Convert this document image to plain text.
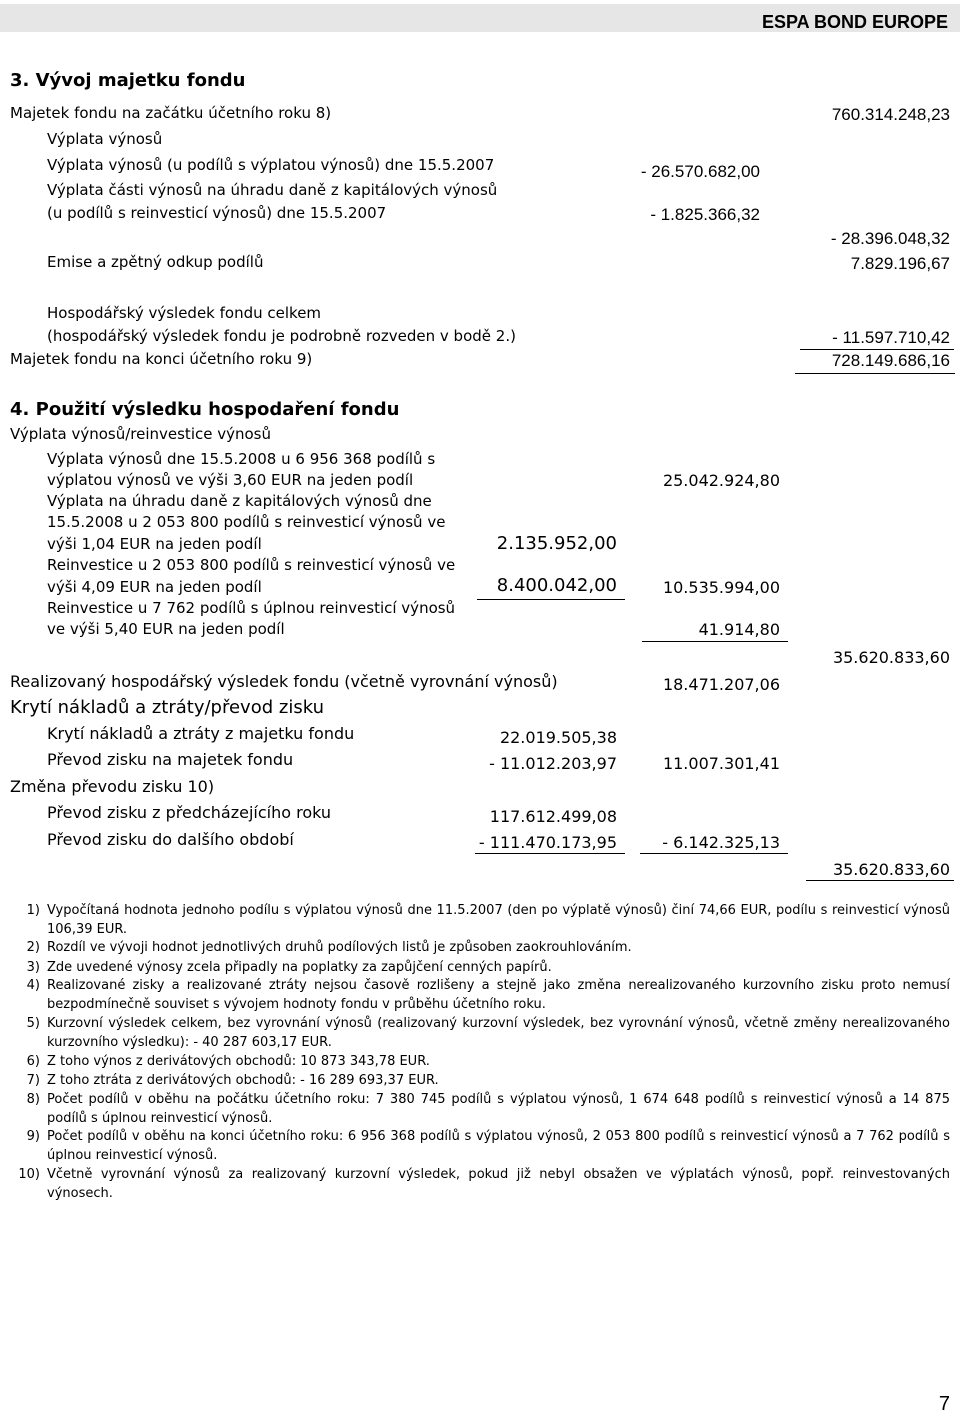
ESPA BOND EUROPE
3. Vývoj majetku fondu
Majetek fondu na začátku účetního roku 8)	760.314.248,23
Výplata výnosů
Výplata výnosů (u podílů s výplatou výnosů) dne 15.5.2007	- 26.570.682,00
Výplata části výnosů na úhradu daně z kapitálových výnosů
(u podílů s reinvesticí výnosů) dne 15.5.2007	- 1.825.366,32
- 28.396.048,32
Emise a zpětný odkup podílů	7.829.196,67
Hospodářský výsledek fondu celkem
(hospodářský výsledek fondu je podrobně rozveden v bodě 2.)	- 11.597.710,42
Majetek fondu na konci účetního roku 9)	728.149.686,16
4. Použití výsledku hospodaření fondu
Výplata výnosů/reinvestice výnosů
Výplata výnosů dne 15.5.2008 u 6 956 368 podílů s
výplatou výnosů ve výši 3,60 EUR na jeden podíl	25.042.924,80
Výplata na úhradu daně z kapitálových výnosů dne
15.5.2008 u 2 053 800 podílů s reinvesticí výnosů ve
výši 1,04 EUR na jeden podíl	2.135.952,00
Reinvestice u 2 053 800 podílů s reinvesticí výnosů ve
výši 4,09 EUR na jeden podíl	8.400.042,00	10.535.994,00
Reinvestice u 7 762 podílů s úplnou reinvesticí výnosů
ve výši 5,40 EUR na jeden podíl	41.914,80
35.620.833,60
Realizovaný hospodářský výsledek fondu (včetně vyrovnání výnosů)	18.471.207,06
Krytí nákladů a ztráty/převod zisku
Krytí nákladů a ztráty z majetku fondu	22.019.505,38
Převod zisku na majetek fondu	- 11.012.203,97	11.007.301,41
Změna převodu zisku 10)
Převod zisku z předcházejícího roku	117.612.499,08
Převod zisku do dalšího období	- 111.470.173,95	- 6.142.325,13
35.620.833,60
1) Vypočítaná hodnota jednoho podílu s výplatou výnosů dne 11.5.2007 (den po výplatě výnosů) činí 74,66 EUR, podílu s reinvesticí výnosů 106,39 EUR.
2) Rozdíl ve vývoji hodnot jednotlivých druhů podílových listů je způsoben zaokrouhlováním.
3) Zde uvedené výnosy zcela připadly na poplatky za zapůjčení cenných papírů.
4) Realizované zisky a realizované ztráty nejsou časově rozlišeny a stejně jako změna nerealizovaného kurzovního zisku proto nemusí bezpodmínečně souviset s vývojem hodnoty fondu v průběhu účetního roku.
5) Kurzovní výsledek celkem, bez vyrovnání výnosů (realizovaný kurzovní výsledek, bez vyrovnání výnosů, včetně změny nerealizovaného kurzovního výsledku): - 40 287 603,17 EUR.
6) Z toho výnos z derivátových obchodů: 10 873 343,78 EUR.
7) Z toho ztráta z derivátových obchodů: - 16 289 693,37 EUR.
8) Počet podílů v oběhu na počátku účetního roku: 7 380 745 podílů s výplatou výnosů, 1 674 648 podílů s reinvesticí výnosů a 14 875 podílů s úplnou reinvesticí výnosů.
9) Počet podílů v oběhu na konci účetního roku: 6 956 368 podílů s výplatou výnosů, 2 053 800 podílů s reinvesticí výnosů a 7 762 podílů s úplnou reinvesticí výnosů.
10) Včetně vyrovnání výnosů za realizovaný kurzovní výsledek, pokud již nebyl obsažen ve výplatách výnosů, popř. reinvestovaných výnosech.
7
